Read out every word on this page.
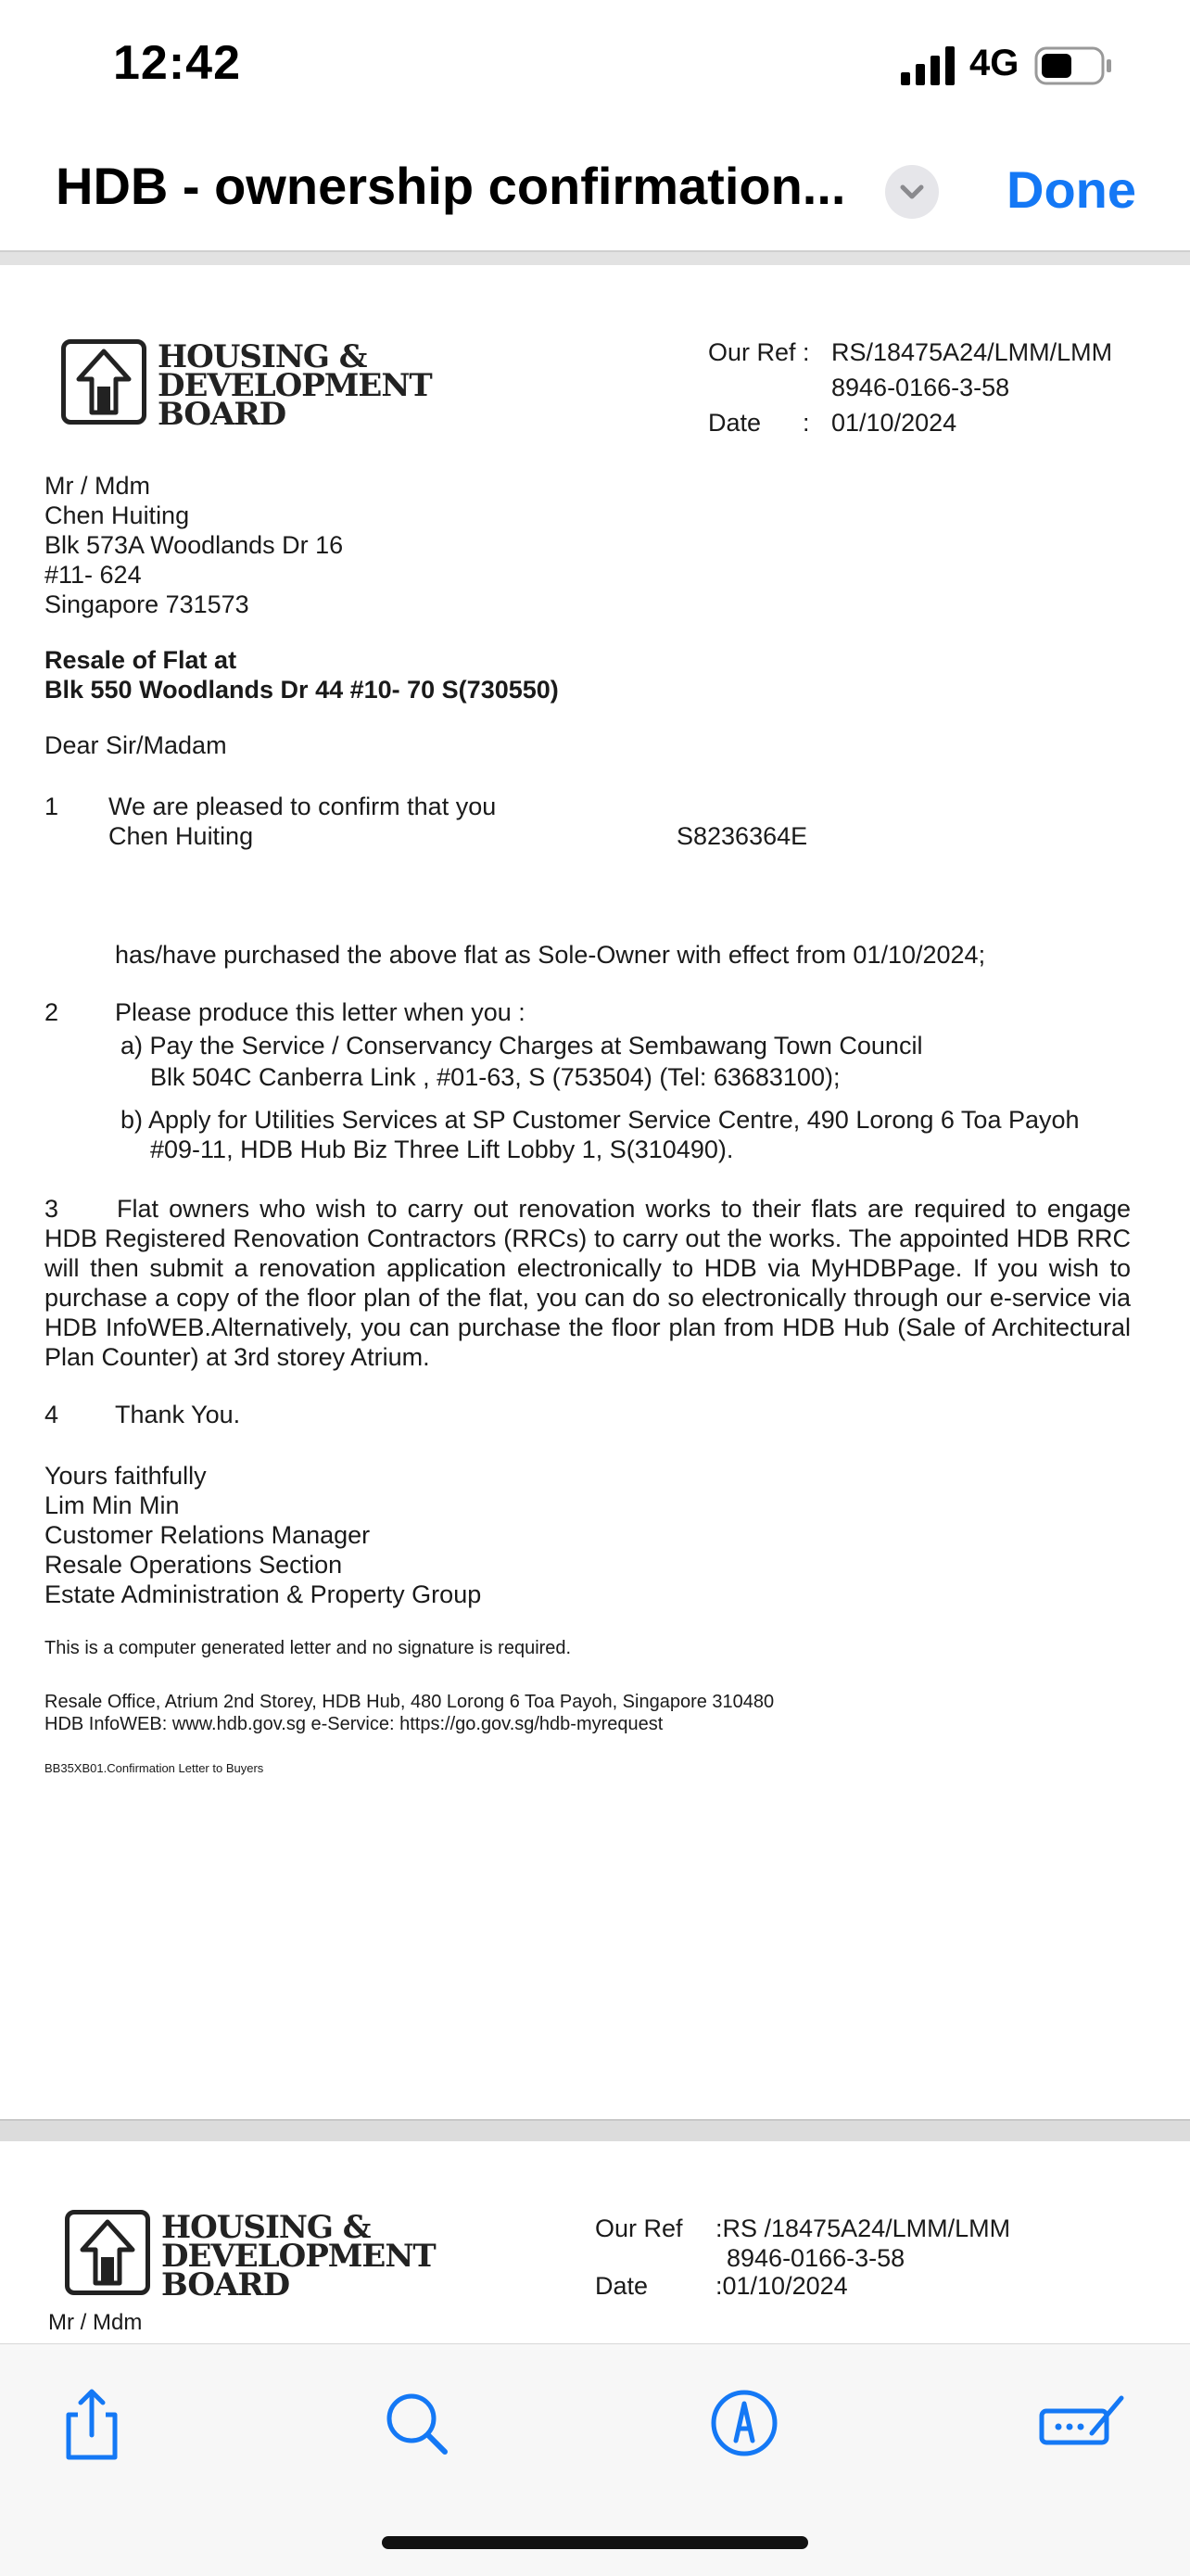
12:42	4G
HDB - ownership confirmation...	Done
HOUSING &
DEVELOPMENT
BOARD
Our Ref : RS/18475A24/LMM/LMM
8946-0166-3-58
Date : 01/10/2024
Mr / Mdm
Chen Huiting
Blk 573A Woodlands Dr 16
#11- 624
Singapore 731573
Resale of Flat at
Blk 550 Woodlands Dr 44 #10- 70 S(730550)
Dear Sir/Madam
1 We are pleased to confirm that you
Chen Huiting	S8236364E
has/have purchased the above flat as Sole-Owner with effect from 01/10/2024;
2 Please produce this letter when you :
a) Pay the Service / Conservancy Charges at Sembawang Town Council
Blk 504C Canberra Link , #01-63, S (753504) (Tel: 63683100);
b) Apply for Utilities Services at SP Customer Service Centre, 490 Lorong 6 Toa Payoh
#09-11, HDB Hub Biz Three Lift Lobby 1, S(310490).
3	Flat owners who wish to carry out renovation works to their flats are required to engage HDB Registered Renovation Contractors (RRCs) to carry out the works. The appointed HDB RRC will then submit a renovation application electronically to HDB via MyHDBPage. If you wish to purchase a copy of the floor plan of the flat, you can do so electronically through our e-service via HDB InfoWEB.Alternatively, you can purchase the floor plan from HDB Hub (Sale of Architectural Plan Counter) at 3rd storey Atrium.
4 Thank You.
Yours faithfully
Lim Min Min
Customer Relations Manager
Resale Operations Section
Estate Administration & Property Group
This is a computer generated letter and no signature is required.
Resale Office, Atrium 2nd Storey, HDB Hub, 480 Lorong 6 Toa Payoh, Singapore 310480
HDB InfoWEB: www.hdb.gov.sg e-Service: https://go.gov.sg/hdb-myrequest
BB35XB01.Confirmation Letter to Buyers
HOUSING &
DEVELOPMENT
BOARD
Our Ref :RS /18475A24/LMM/LMM
8946-0166-3-58
Date	:01/10/2024
Mr / Mdm
